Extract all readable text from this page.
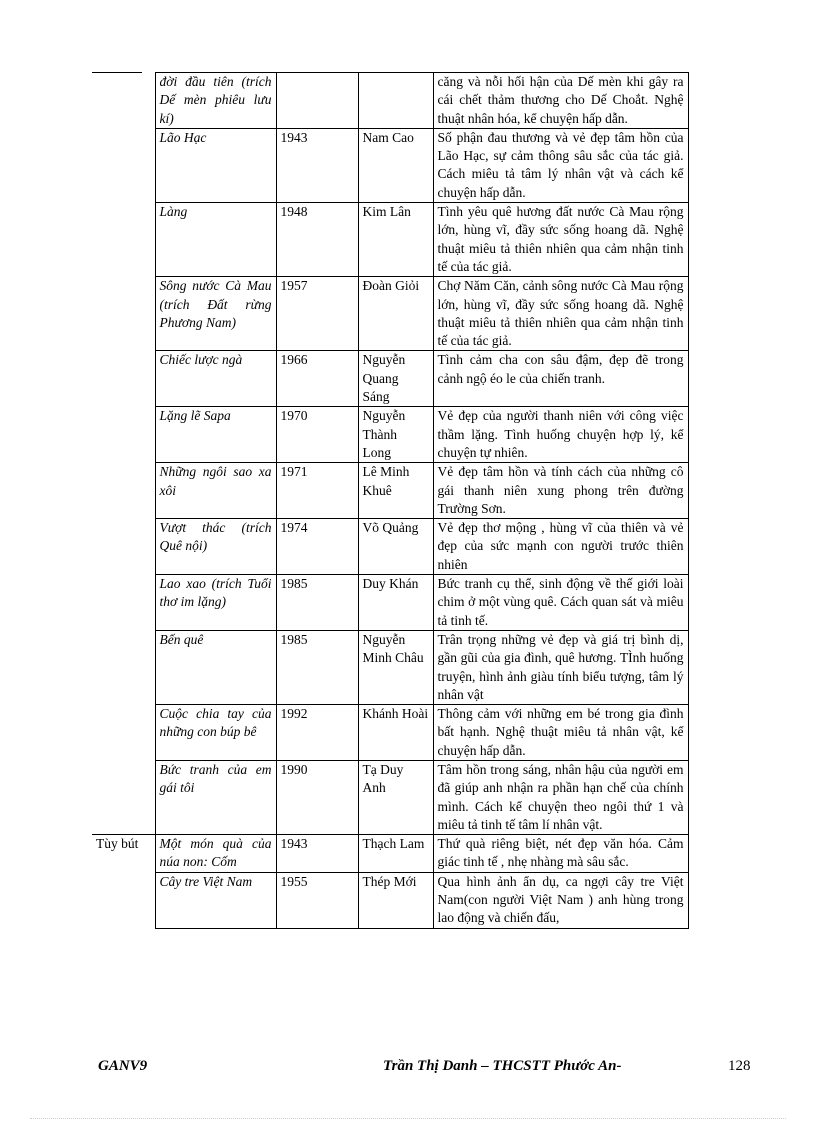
	đời đầu tiên (trích Dế mèn phiêu lưu kí)			căng và nỗi hối hận của Dế mèn khi gây ra cái chết thảm thương cho Dế Choắt. Nghệ thuật nhân hóa, kể chuyện hấp dẫn.
	Lão Hạc	1943	Nam Cao	Số phận đau thương và vẻ đẹp tâm hồn của Lão Hạc, sự cảm thông sâu sắc của tác giả. Cách miêu tả tâm lý nhân vật và cách kể chuyện hấp dẫn.
	Làng	1948	Kim Lân	Tình yêu quê hương đất nước Cà Mau rộng lớn, hùng vĩ, đầy sức sống hoang dã. Nghệ thuật miêu tả thiên nhiên qua cảm nhận tinh tế của tác giả.
	Sông nước Cà Mau (trích Đất rừng Phương Nam)	1957	Đoàn Giỏi	Chợ Năm Căn, cảnh sông nước Cà Mau rộng lớn, hùng vĩ, đầy sức sống hoang dã. Nghệ thuật miêu tả thiên nhiên qua cảm nhận tinh tế của tác giả.
	Chiếc lược ngà	1966	Nguyễn Quang Sáng	Tình cảm cha con sâu đậm, đẹp đẽ trong cảnh ngộ éo le của chiến tranh.
	Lặng lẽ Sapa	1970	Nguyễn Thành Long	Vẻ đẹp của người thanh niên với công việc thầm lặng. Tình huống chuyện hợp lý, kể chuyện tự nhiên.
	Những ngôi sao xa xôi	1971	Lê Minh Khuê	Vẻ đẹp tâm hồn và tính cách của những cô gái thanh niên xung phong trên đường Trường Sơn.
	Vượt thác (trích Quê nội)	1974	Võ Quảng	Vẻ đẹp thơ mộng , hùng vĩ của thiên và vẻ đẹp của sức mạnh con người trước thiên nhiên
	Lao xao (trích Tuổi thơ im lặng)	1985	Duy Khán	Bức tranh cụ thể, sinh động về thế giới loài chim ở một vùng quê. Cách quan sát và miêu tả tinh tế.
	Bến quê	1985	Nguyễn Minh Châu	Trân trọng những vẻ đẹp và giá trị bình dị, gần gũi của gia đình, quê hương. TÌnh huống truyện, hình ảnh giàu tính biểu tượng, tâm lý nhân vật
	Cuộc chia tay của những con búp bê	1992	Khánh Hoài	Thông cảm với những em bé trong gia đình bất hạnh. Nghệ thuật miêu tả nhân vật, kể chuyện hấp dẫn.
	Bức tranh của em gái tôi	1990	Tạ Duy Anh	Tâm hồn trong sáng, nhân hậu của người em đã giúp anh nhận ra phần hạn chế của chính mình. Cách kể chuyện theo ngôi thứ 1 và miêu tả tinh tế tâm lí nhân vật.
Tùy bút	Một món quà của núa non: Cốm	1943	Thạch Lam	Thứ quà riêng biệt, nét đẹp văn hóa. Cảm giác tinh tế , nhẹ nhàng mà sâu sắc.
	Cây tre Việt Nam	1955	Thép Mới	Qua hình ảnh ẩn dụ, ca ngợi cây tre Việt Nam(con người Việt Nam ) anh hùng trong lao động và chiến đấu,
GANV9	Trần Thị Danh – THCSTT Phước An-	128
